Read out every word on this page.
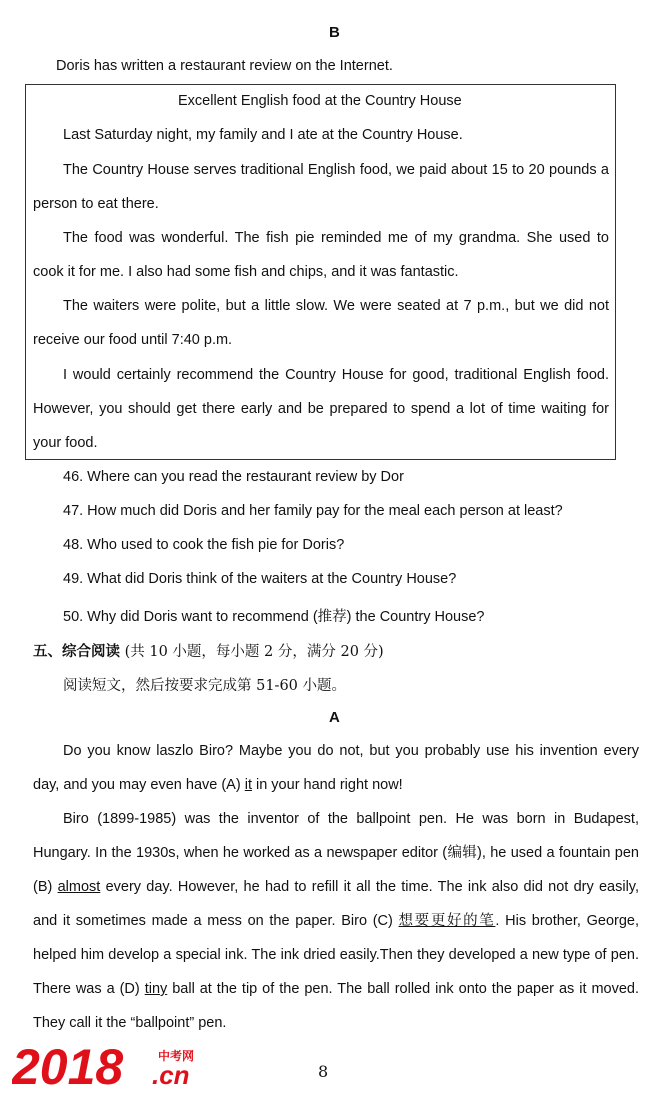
B
Doris has written a restaurant review on the Internet.
Excellent English food at the Country House
Last Saturday night, my family and I ate at the Country House.
The Country House serves traditional English food, we paid about 15 to 20 pounds a person to eat there.
The food was wonderful. The fish pie reminded me of my grandma. She used to cook it for me. I also had some fish and chips, and it was fantastic.
The waiters were polite, but a little slow. We were seated at 7 p.m., but we did not receive our food until 7:40 p.m.
I would certainly recommend the Country House for good, traditional English food. However, you should get there early and be prepared to spend a lot of time waiting for your food.
46. Where can you read the restaurant review by Dor
47. How much did Doris and her family pay for the meal each person at least?
48. Who used to cook the fish pie for Doris?
49. What did Doris think of the waiters at the Country House?
50. Why did Doris want to recommend (推荐) the Country House?
五、综合阅读 (共 10 小题，每小题 2 分，满分 20 分)
阅读短文，然后按要求完成第 51-60 小题。
A
Do you know laszlo Biro? Maybe you do not, but you probably use his invention every day, and you may even have (A) it in your hand right now!
Biro (1899-1985) was the inventor of the ballpoint pen. He was born in Budapest, Hungary. In the 1930s, when he worked as a newspaper editor (编辑), he used a fountain pen (B) almost every day. However, he had to refill it all the time. The ink also did not dry easily, and it sometimes made a mess on the paper. Biro (C) 想要更好的笔. His brother, George, helped him develop a special ink. The ink dried easily.Then they developed a new type of pen. There was a (D) tiny ball at the tip of the pen. The ball rolled ink onto the paper as it moved. They call it the “ballpoint” pen.
2018	中考网
.cn	8
